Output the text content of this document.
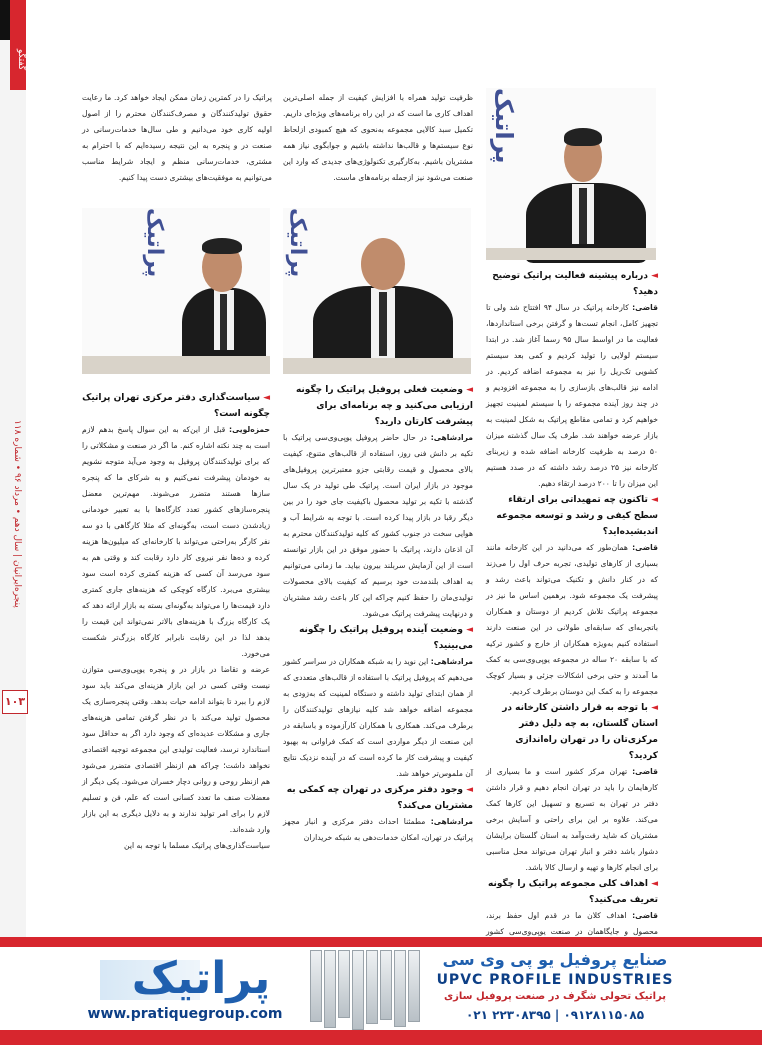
گفتگو
پنجره‌ایرانیان | سال دهم • مرداد ۹۶ • شماره ۱۱۸
۱۰۳
پراتیک
ظرفیت تولید همراه با افزایش کیفیت از جمله اصلی‌ترین اهداف کاری ما است که در این راه برنامه‌های ویژه‌ای داریم. تکمیل سبد کالایی مجموعه به‌نحوی که هیچ کمبودی ازلحاظ نوع سیستم‌ها و قالب‌ها نداشته باشیم و جوابگوی نیاز همه مشتریان باشیم. به‌کارگیری تکنولوژی‌های جدیدی که وارد این صنعت می‌شود نیز ازجمله برنامه‌های ماست.
پراتیک را در کمترین زمان ممکن ایجاد خواهد کرد. ما رعایت حقوق تولیدکنندگان و مصرف‌کنندگان محترم را از اصول اولیه کاری خود می‌دانیم و طی سال‌ها خدمات‌رسانی در صنعت در و پنجره به این نتیجه رسیده‌ایم که با احترام به مشتری، خدمات‌رسانی منظم و ایجاد شرایط مناسب می‌توانیم به موفقیت‌های بیشتری دست پیدا کنیم.
پراتیک
پراتیک	◄ درباره پیشینه فعالیت پراتیک توضیح دهید؟
قاضی: کارخانه پراتیک در سال ۹۴ افتتاح شد ولی تا تجهیز کامل، انجام تست‌ها و گرفتن برخی استانداردها، فعالیت ما در اواسط سال ۹۵ رسما آغاز شد. در ابتدا سیستم لولایی را تولید کردیم و کمی بعد سیستم کشویی تک‌ریل را نیز به مجموعه اضافه کردیم. در ادامه نیز قالب‌های بازسازی را به مجموعه افزودیم و در چند روز آینده مجموعه را با سیستم لمینیت تجهیز خواهیم کرد و تمامی مقاطع پراتیک به شکل لمینیت به بازار عرضه خواهند شد. طرف یک سال گذشته میزان ۵۰ درصد به ظرفیت کارخانه اضافه شده و زیربنای کارخانه نیز ۲۵ درصد رشد داشته که در صدد هستیم این میزان را تا ۲۰۰ درصد ارتقاء دهیم.
◄ تاکنون چه تمهیداتی برای ارتقاء سطح کیفی و رشد و توسعه مجموعه اندیشیده‌اید؟
قاضی: همان‌طور که می‌دانید در این کارخانه مانند بسیاری از کارهای تولیدی، تجربه حرف اول را می‌زند که در کنار دانش و تکنیک می‌تواند باعث رشد و پیشرفت یک مجموعه شود. برهمین اساس ما نیز در مجموعه پراتیک تلاش کردیم از دوستان و همکاران باتجربه‌ای که سابقه‌ای طولانی در این صنعت دارند استفاده کنیم به‌ویژه همکاران از خارج و کشور ترکیه که با سابقه ۲۰ ساله در مجموعه یوپی‌وی‌سی به کمک ما آمدند و حتی برخی اشکالات جزئی و بسیار کوچک مجموعه را به کمک این دوستان برطرف کردیم.
◄ با توجه به قرار داشتن کارخانه در استان گلستان، به چه دلیل دفتر مرکزی‌تان را در تهران راه‌اندازی کردید؟
قاضی: تهران مرکز کشور است و ما بسیاری از کارهایمان را باید در تهران انجام دهیم و قرار داشتن دفتر در تهران به تسریع و تسهیل این کارها کمک می‌کند. علاوه بر این برای راحتی و آسایش برخی مشتریان که شاید رفت‌وآمد به استان گلستان برایشان دشوار باشد دفتر و انبار تهران می‌تواند محل مناسبی برای انجام کارها و تهیه و ارسال کالا باشد.
◄ اهداف کلی مجموعه پراتیک را چگونه تعریف می‌کنید؟
قاضی: اهداف کلان ما در قدم اول حفظ برند، محصول و جایگاهمان در صنعت یوپی‌وی‌سی کشور
◄ وضعیت فعلی پروفیل پراتیک را چگونه ارزیابی می‌کنید و چه برنامه‌ای برای پیشرفت کارتان دارید؟
مرادشاهی: در حال حاضر پروفیل یوپی‌وی‌سی پراتیک با تکیه بر دانش فنی روز، استفاده از قالب‌های متنوع، کیفیت بالای محصول و قیمت رقابتی جزو معتبرترین پروفیل‌های موجود در بازار ایران است. پراتیک طی تولید در یک سال گذشته با تکیه بر تولید محصول باکیفیت جای خود را در بین دیگر رقبا در بازار پیدا کرده است. با توجه به شرایط آب و هوایی سخت در جنوب کشور که کلیه تولیدکنندگان محترم به آن اذعان دارند، پراتیک با حضور موفق در این بازار توانسته است از این آزمایش سربلند بیرون بیاید. ما زمانی می‌توانیم به اهداف بلندمدت خود برسیم که کیفیت بالای محصولات تولیدی‌مان را حفظ کنیم چراکه این کار باعث رشد مشتریان و درنهایت پیشرفت پراتیک می‌شود.
◄ وضعیت آینده پروفیل پراتیک را چگونه می‌بینید؟
مرادشاهی: این نوید را به شبکه همکاران در سراسر کشور می‌دهیم که پروفیل پراتیک با استفاده از قالب‌های متعددی که از همان ابتدای تولید داشته و دستگاه لمینیت که به‌زودی به مجموعه اضافه خواهد شد کلیه نیازهای تولیدکنندگان را برطرف می‌کند. همکاری با همکاران کارآزموده و باسابقه در این صنعت از دیگر مواردی است که کمک فراوانی به بهبود کیفیت و پیشرفت کار ما کرده است که در آینده نزدیک نتایج آن ملموس‌تر خواهد شد.
◄ وجود دفتر مرکزی در تهران چه کمکی به مشتریان می‌کند؟
مرادشاهی: مطمئنا احداث دفتر مرکزی و انبار مجهز پراتیک در تهران، امکان خدمات‌دهی به شبکه خریداران
◄ سیاست‌گذاری دفتر مرکزی تهران پراتیک چگونه است؟
حمزه‌لویی: قبل از این‌که به این سوال پاسخ بدهم لازم است به چند نکته اشاره کنم. ما اگر در صنعت و مشکلاتی را که برای تولیدکنندگان پروفیل به وجود می‌آید متوجه نشویم به خودمان پیشرفت نمی‌کنیم و به شرکای ما که پنجره سازها هستند متضرر می‌شوند. مهم‌ترین معضل پنجره‌سازهای کشور تعدد کارگاه‌ها با به تعبیر خودمانی زیادشدن دست است، به‌گونه‌ای که مثلا کارگاهی با دو سه نفر کارگر به‌راحتی می‌تواند با کارخانه‌ای که میلیون‌ها هزینه کرده و ده‌ها نفر نیروی کار دارد رقابت کند و وقتی هم به سود می‌رسد آن کسی که هزینه کمتری کرده است سود بیشتری می‌برد. کارگاه کوچکی که هزینه‌های جاری کمتری دارد قیمت‌ها را می‌تواند به‌گونه‌ای بسته به بازار ارائه دهد که یک کارگاه بزرگ با هزینه‌های بالاتر نمی‌تواند این قیمت را بدهد لذا در این رقابت نابرابر کارگاه بزرگ‌تر شکست می‌خورد.
عرضه و تقاضا در بازار در و پنجره یوپی‌وی‌سی متوازن نیست وقتی کسی در این بازار هزینه‌ای می‌کند باید سود لازم را ببرد تا بتواند ادامه حیات بدهد. وقتی پنجره‌سازی یک محصول تولید می‌کند با در نظر گرفتن تمامی هزینه‌های جاری و مشکلات عدیده‌ای که وجود دارد اگر به حداقل سود استاندارد نرسد، فعالیت تولیدی این مجموعه توجیه اقتصادی نخواهد داشت؛ چراکه هم ازنظر اقتصادی متضرر می‌شود هم ازنظر روحی و روانی دچار خسران می‌شود. یکی دیگر از معضلات صنف ما تعدد کسانی است که علم، فن و تسلیم لازم را برای امر تولید ندارند و به دلایل دیگری به این بازار وارد شده‌اند.
سیاست‌گذاری‌های پراتیک مسلما با توجه به این
پراتیک
www.pratiquegroup.com
صنایع پروفیل یو پی وی سی
UPVC PROFILE INDUSTRIES
پراتیک تحولی شگرف در صنعت پروفیل سازی
۰۲۱ ۲۲۳۰۸۳۹۵ | ۰۹۱۲۸۱۱۵۰۸۵
